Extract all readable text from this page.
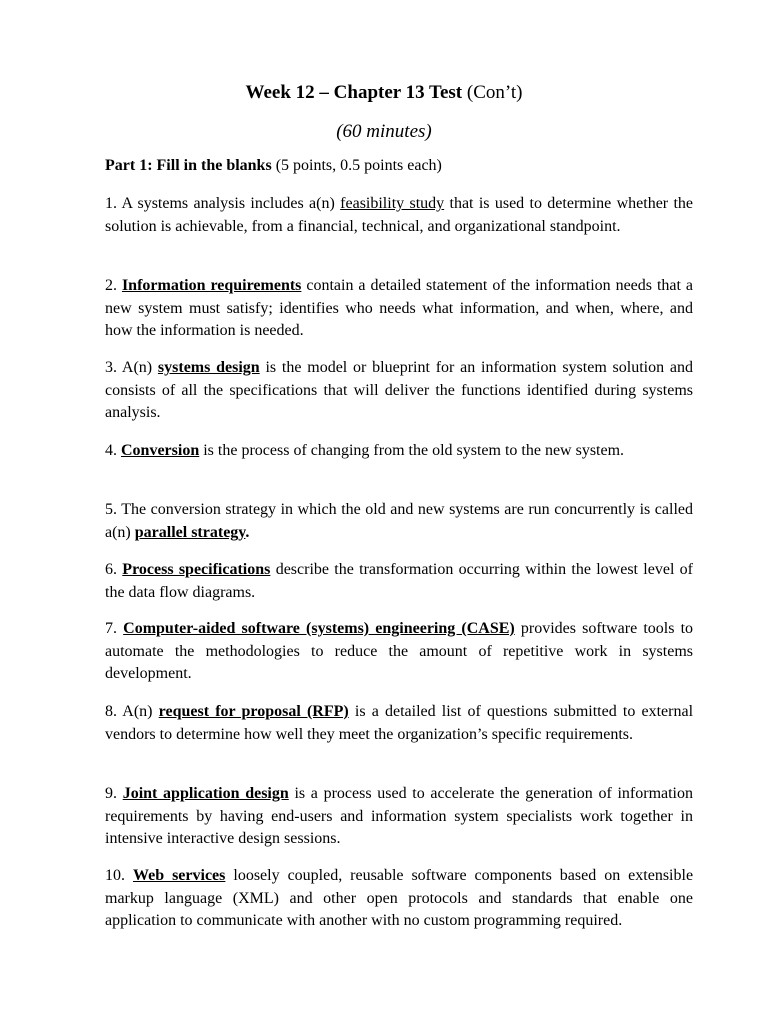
Week 12 – Chapter 13 Test (Con’t)

(60 minutes)

Part 1: Fill in the blanks (5 points, 0.5 points each)

1. A systems analysis includes a(n) feasibility study that is used to determine whether the solution is achievable, from a financial, technical, and organizational standpoint.

2. Information requirements contain a detailed statement of the information needs that a new system must satisfy; identifies who needs what information, and when, where, and how the information is needed.

3. A(n) systems design is the model or blueprint for an information system solution and consists of all the specifications that will deliver the functions identified during systems analysis.

4. Conversion is the process of changing from the old system to the new system.

5. The conversion strategy in which the old and new systems are run concurrently is called a(n) parallel strategy.

6. Process specifications describe the transformation occurring within the lowest level of the data flow diagrams.

7. Computer-aided software (systems) engineering (CASE) provides software tools to automate the methodologies to reduce the amount of repetitive work in systems development.

8. A(n) request for proposal (RFP) is a detailed list of questions submitted to external vendors to determine how well they meet the organization’s specific requirements.

9. Joint application design is a process used to accelerate the generation of information requirements by having end-users and information system specialists work together in intensive interactive design sessions.

10. Web services loosely coupled, reusable software components based on extensible markup language (XML) and other open protocols and standards that enable one application to communicate with another with no custom programming required.
